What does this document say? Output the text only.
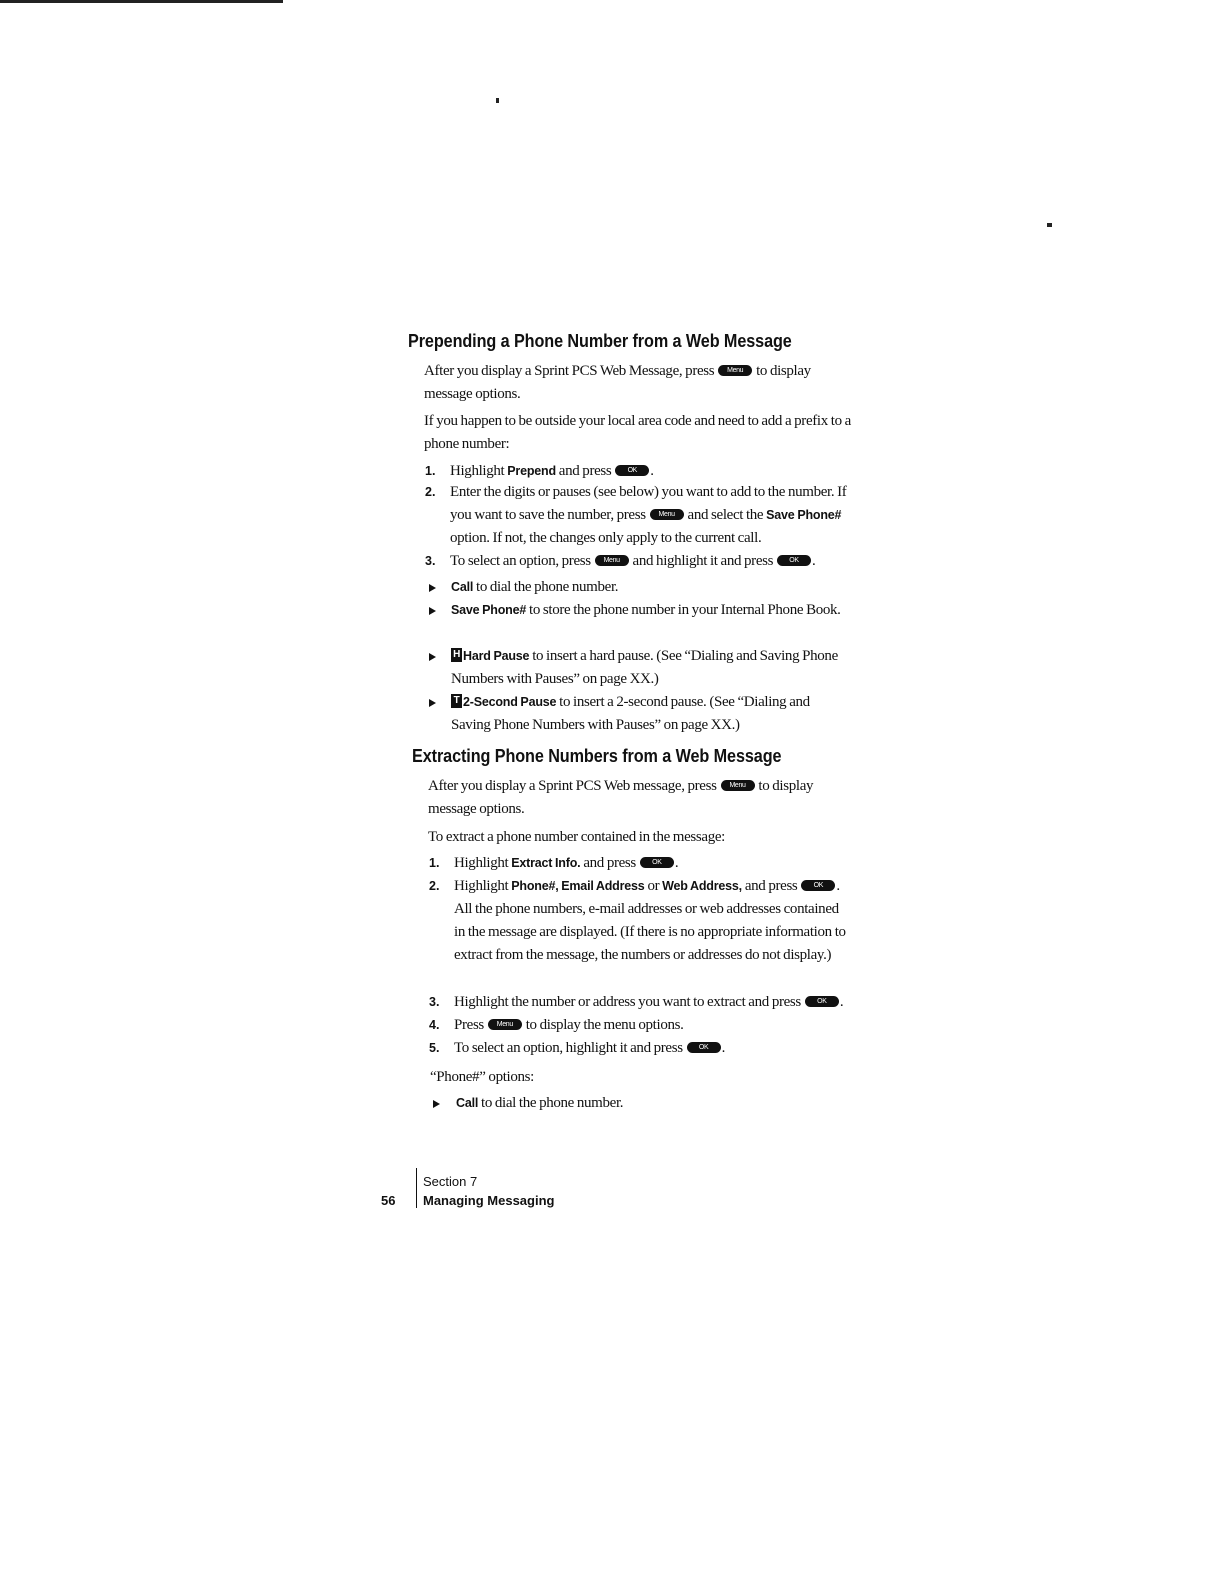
Prepending a Phone Number from a Web Message

After you display a Sprint PCS Web Message, press Menu to display message options.

If you happen to be outside your local area code and need to add a prefix to a phone number:

1. Highlight Prepend and press OK .

2. Enter the digits or pauses (see below) you want to add to the number. If you want to save the number, press Menu and select the Save Phone# option. If not, the changes only apply to the current call.

3. To select an option, press Menu and highlight it and press OK .

Call to dial the phone number.

Save Phone# to store the phone number in your Internal Phone Book.

H Hard Pause to insert a hard pause. (See “Dialing and Saving Phone Numbers with Pauses” on page XX.)

T 2-Second Pause to insert a 2-second pause. (See “Dialing and Saving Phone Numbers with Pauses” on page XX.)

Extracting Phone Numbers from a Web Message

After you display a Sprint PCS Web message, press Menu to display message options.

To extract a phone number contained in the message:

1. Highlight Extract Info. and press OK .

2. Highlight Phone#, Email Address or Web Address, and press OK . All the phone numbers, e-mail addresses or web addresses contained in the message are displayed. (If there is no appropriate information to extract from the message, the numbers or addresses do not display.)

3. Highlight the number or address you want to extract and press OK .

4. Press Menu to display the menu options.

5. To select an option, highlight it and press OK .

“Phone#” options:

Call to dial the phone number.

56
Section 7
Managing Messaging
